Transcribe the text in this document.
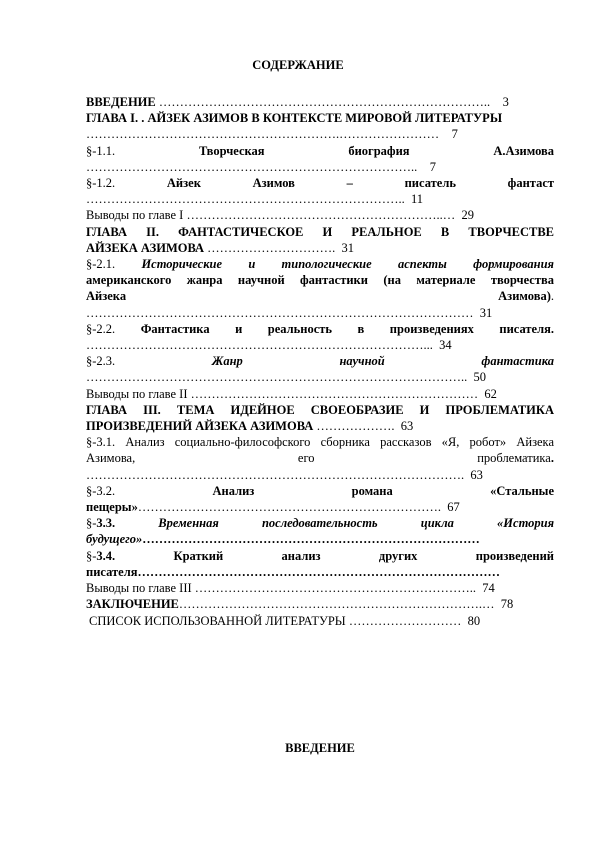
СОДЕРЖАНИЕ
ВВЕДЕНИЕ …………………………………………………………………….. 3
ГЛАВА I. . АЙЗЕК АЗИМОВ В КОНТЕКСТЕ МИРОВОЙ ЛИТЕРАТУРЫ
…………………………………………………….…………………… 7
§-1.1.	Творческая	биография	А.Азимова
…………………………………………………………………….. 7
§-1.2.	Айзек	Азимов	–	писатель	фантаст
………………………………………………………………….. 11
Выводы по главе I ……………………………………………………..… 29
ГЛАВА II. ФАНТАСТИЧЕСКОЕ И РЕАЛЬНОЕ В ТВОРЧЕСТВЕ
АЙЗЕКА АЗИМОВА …………………………. 31
§-2.1. Исторические и типологические аспекты формирования
американского жанра научной фантастики (на материале творчества
Айзека	Азимова).
………………………………………………………………………………… 31
§-2.2. Фантастика и реальность в произведениях писателя.
………………………………………………………………………... 34
§-2.3.	Жанр	научной	фантастика
……………………………………………………………………………….. 50
Выводы по главе II …………………………………………………………… 62
ГЛАВА III. ТЕМА ИДЕЙНОЕ СВОЕОБРАЗИЕ И ПРОБЛЕМАТИКА
ПРОИЗВЕДЕНИЙ АЙЗЕКА АЗИМОВА ………………. 63
§-3.1. Анализ социально-философского сборника рассказов «Я, робот» Айзека
Азимова,	его	проблематика.
………………………………………………………………………………. 63
§-3.2.	Анализ	романа	«Стальные
пещеры»………………………………………………………………. 67
§-3.3.	Временная	последовательность	цикла	«История
будущего»………………………………………………………………………
§-3.4.	Краткий	анализ	других	произведений
писателя……………………………………………………………………………
Выводы по главе III ………………………………………………………….. 74
ЗАКЛЮЧЕНИЕ……………………………………………………………….… 78
СПИСОК ИСПОЛЬЗОВАННОЙ ЛИТЕРАТУРЫ ……………………… 80
ВВЕДЕНИЕ
